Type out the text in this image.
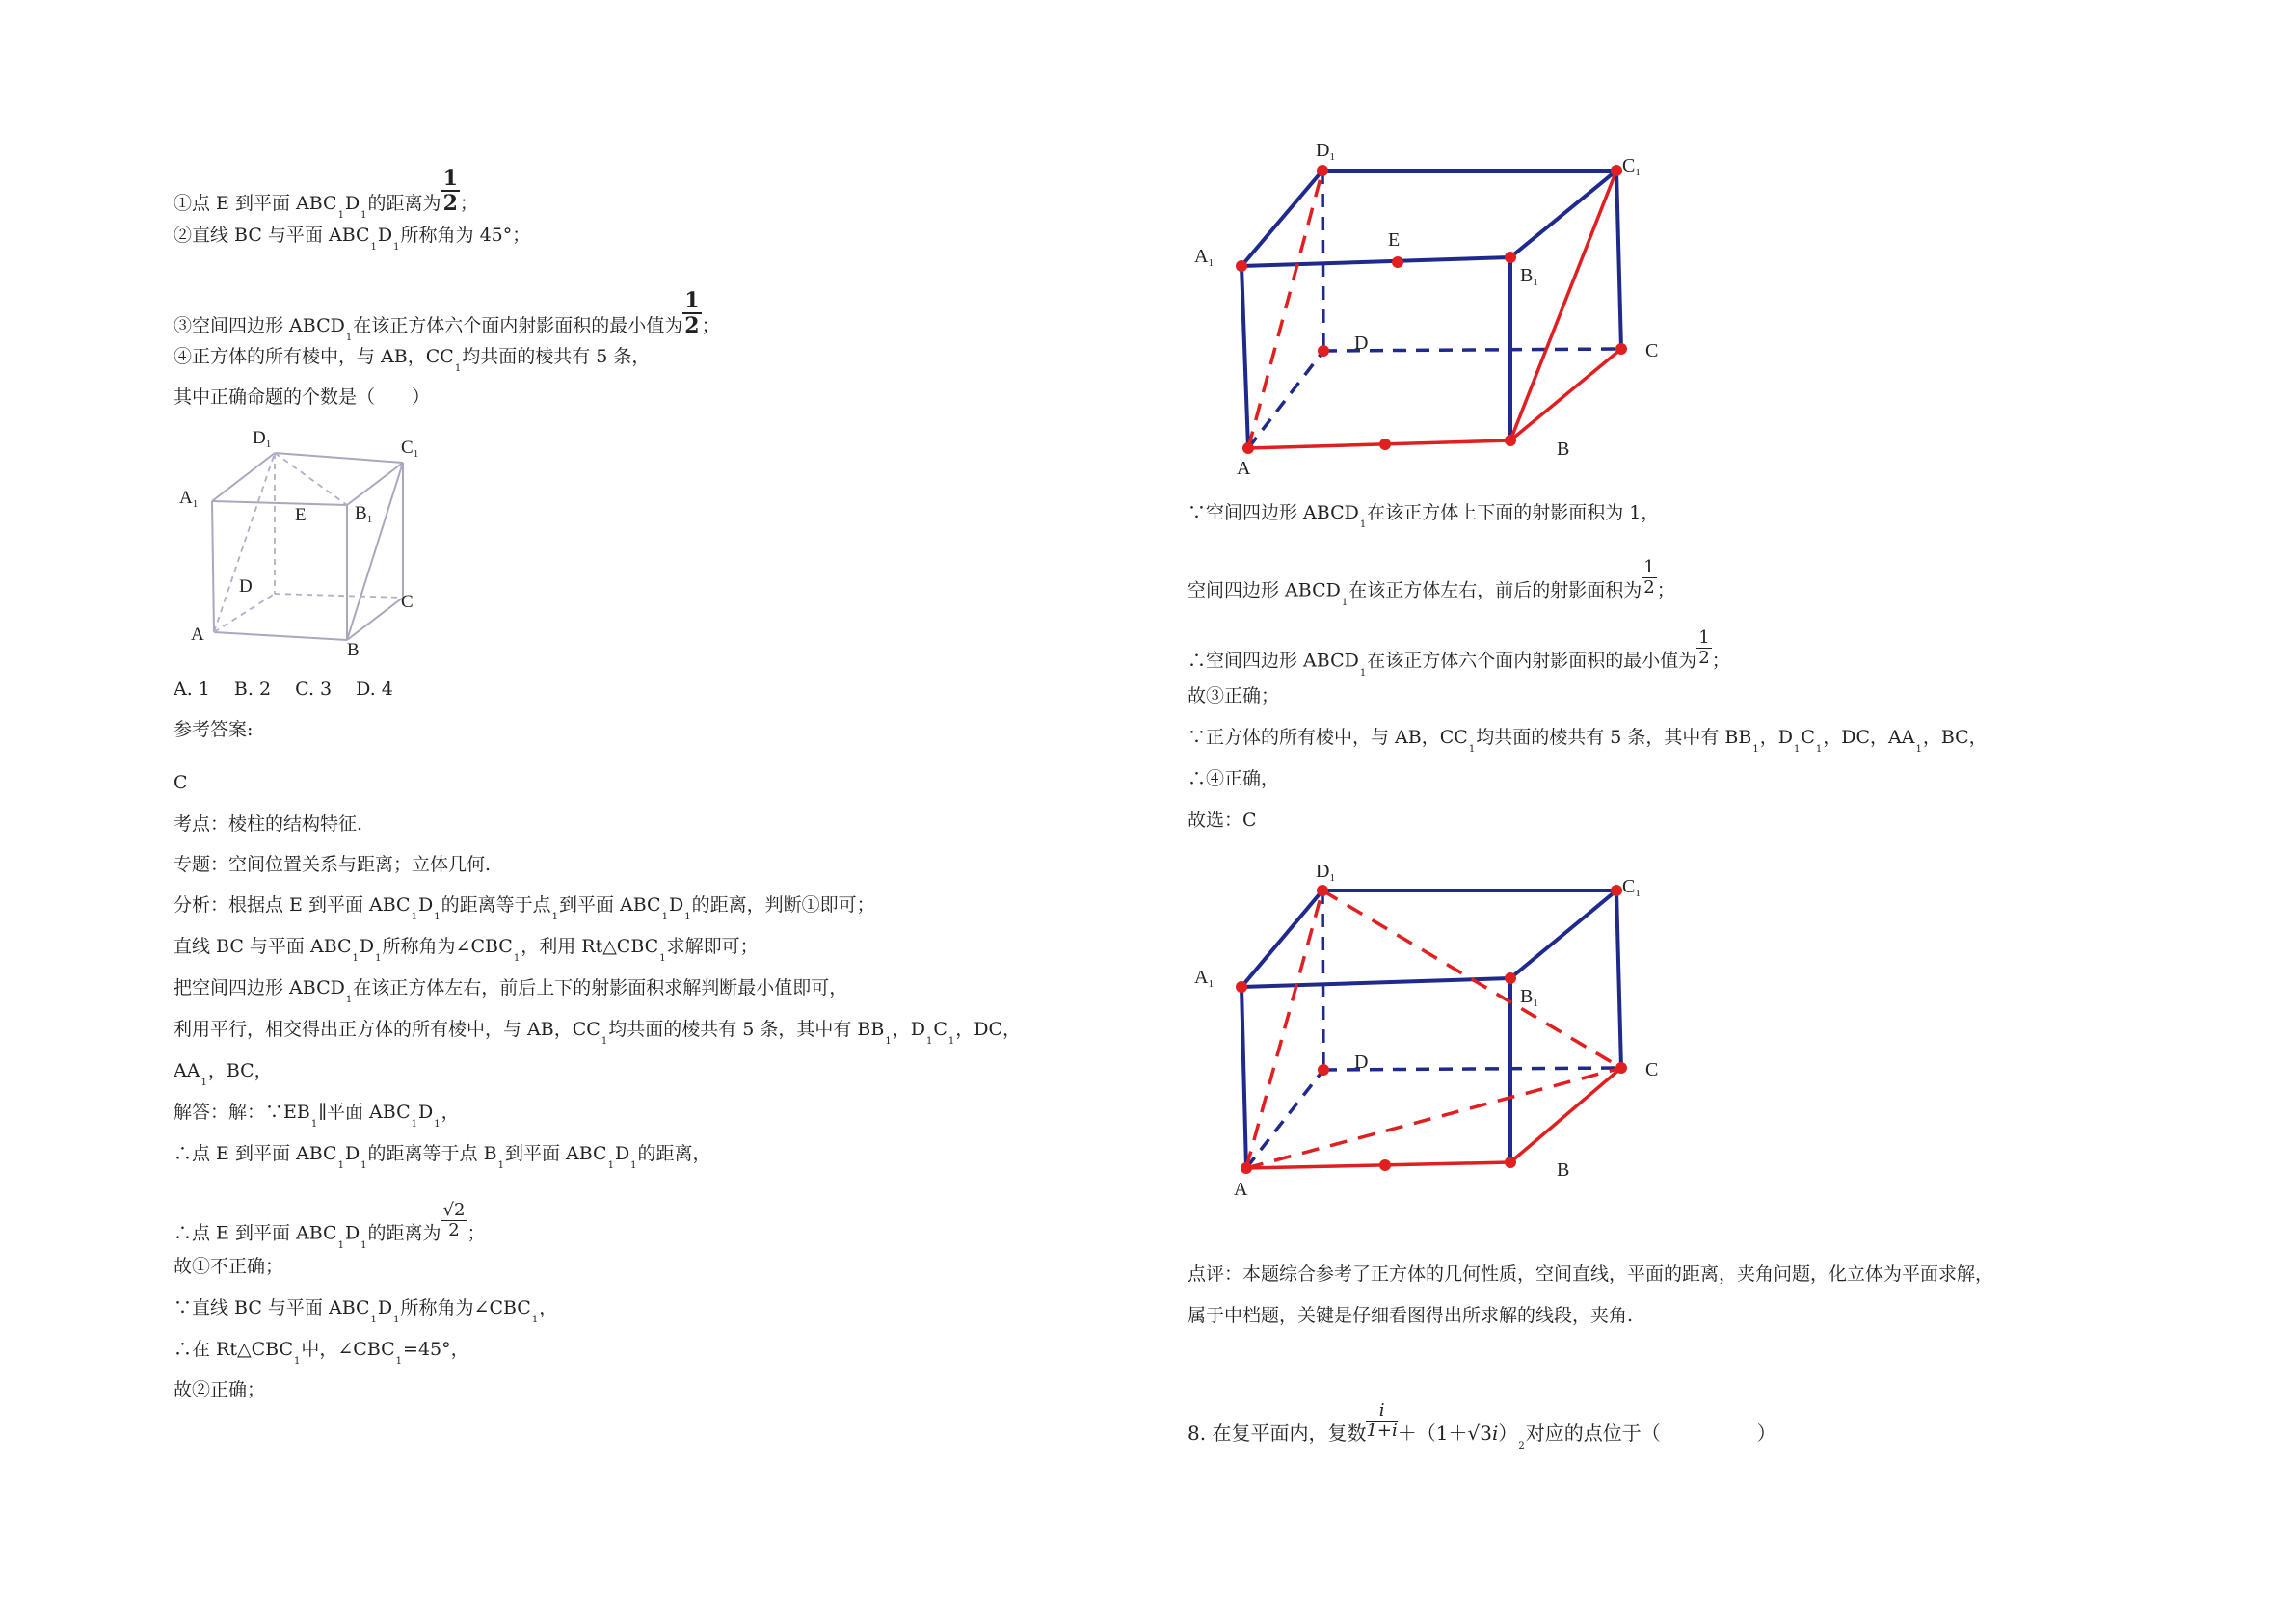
①点 E 到平面 $ABC_1D_1$的距离为 $\frac{1}{2}$ ；
②直线 BC 与平面 $ABC_1D_1$所称角为 45°；
③空间四边形 $ABCD_1$在该正方体六个面内射影面积的最小值为 $\frac{1}{2}$ ；
④正方体的所有棱中，与 AB，$CC_1$均共面的棱共有 5 条，
其中正确命题的个数是（　　）
$D_1$	$C_1$
$A_1$
E	$B_1$
D
C
A
B
A. 1　 B. 2　 C. 3　 D. 4
参考答案:
C
考点：棱柱的结构特征.
专题：空间位置关系与距离；立体几何.
分析：根据点 E 到平面 $ABC_1D_1$的距离等于点$_1$到平面 $ABC_1D_1$的距离，判断①即可；
直线 BC 与平面 $ABC_1D_1$所称角为$\angle CBC_1$，利用 $Rt\triangle CBC_1$求解即可；
把空间四边形 $ABCD_1$在该正方体左右，前后上下的射影面积求解判断最小值即可，
利用平行，相交得出正方体的所有棱中，与 AB，$CC_1$均共面的棱共有 5 条，其中有 $BB_1$，$D_1C_1$，DC，
$AA_1$，BC，
解答：解：$\because EB_1\parallel$平面 $ABC_1D_1$，
∴点 E 到平面 $ABC_1D_1$的距离等于点 $B_1$到平面 $ABC_1D_1$的距离，
∴点 E 到平面 $ABC_1D_1$的距离为 $\frac{√2}{2}$ ；
故①不正确；
∵直线 BC 与平面 $ABC_1D_1$所称角为$\angle CBC_1$，
∴在 $Rt\triangle CBC_1$中，$\angle CBC_1=45^\circ$，
故②正确；
$D_1$	$C_1$
E
$A_1$
$B_1$
D	C
A
B
∵空间四边形 $ABCD_1$在该正方体上下面的射影面积为 1，
空间四边形 $ABCD_1$在该正方体左右，前后的射影面积为 $\frac{1}{2}$ ；
∴空间四边形 $ABCD_1$在该正方体六个面内射影面积的最小值为 $\frac{1}{2}$ ；
故③正确；
∵正方体的所有棱中，与 AB，$CC_1$均共面的棱共有 5 条，其中有 $BB_1$，$D_1C_1$，DC，$AA_1$，BC，
∴④正确，
故选：C
$D_1$	$C_1$
$A_1$
$B_1$
D	C
A
B
点评：本题综合参考了正方体的几何性质，空间直线，平面的距离，夹角问题，化立体为平面求解，
属于中档题，关键是仔细看图得出所求解的线段，夹角.
8. 在复平面内，复数 $\frac{i}{1+i} +(1+√3i)_2$对应的点位于（　　　　　）
